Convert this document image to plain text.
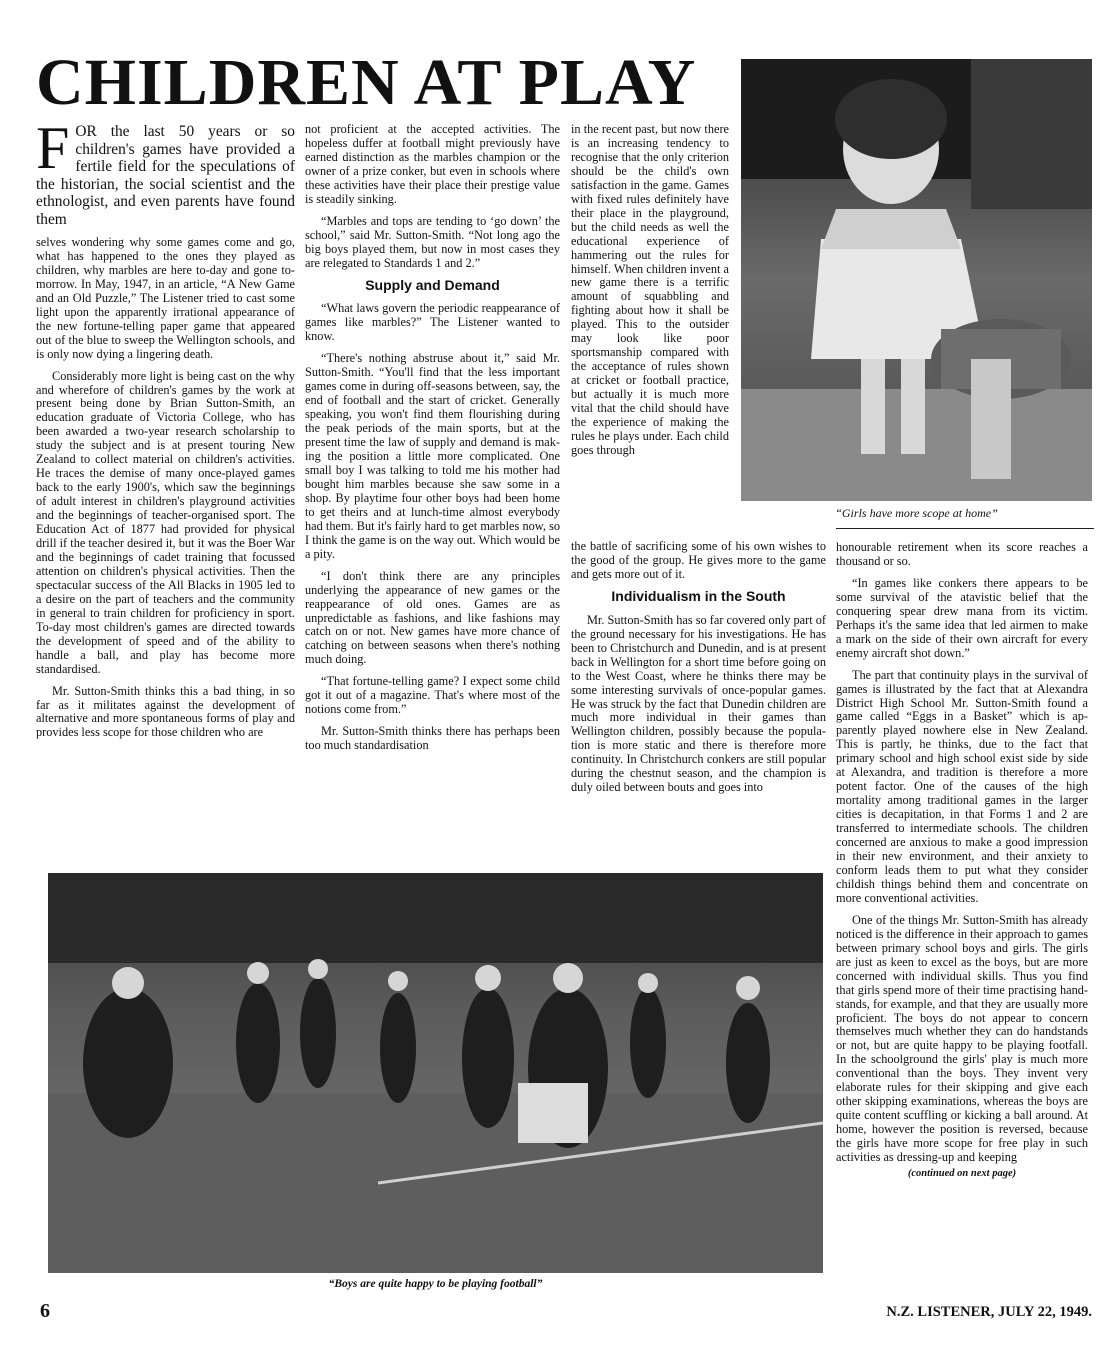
CHILDREN AT PLAY
“Girls have more scope at home”

FOR the last 50 years or so children's games have provided a fertile field for the speculations of the historian, the social scientist and the ethnologist, and even parents have found them

selves wondering why some games come and go, what has happened to the ones they played as children, why marbles are here to-day and gone to-morrow. In May, 1947, in an article, “A New Game and an Old Puzzle,” The Listener tried to cast some light upon the apparently irrational appearance of the new fortune-telling paper game that appeared out of the blue to sweep the Wellington schools, and is only now dying a lingering death.

Considerably more light is being cast on the why and wherefore of children's games by the work at present being done by Brian Sutton-Smith, an education graduate of Victoria College, who has been awarded a two-year research scholarship to study the subject and is at present touring New Zealand to collect material on children's activities. He traces the demise of many once-played games back to the early 1900's, which saw the beginnings of adult interest in children's playground activities and the beginnings of teacher-organised sport. The Education Act of 1877 had provided for physical drill if the teacher desired it, but it was the Boer War and the beginnings of cadet training that focussed attention on children's physical activities. Then the spectacular success of the All Blacks in 1905 led to a desire on the part of teachers and the community in general to train children for proficiency in sport. To-day most children's games are directed towards the development of speed and of the ability to handle a ball, and play has become more standardised.

Mr. Sutton-Smith thinks this a bad thing, in so far as it militates against the development of alternative and more spontaneous forms of play and provides less scope for those children who are

not proficient at the accepted activities. The hopeless duffer at football might previously have earned distinction as the marbles champion or the owner of a prize conker, but even in schools where these activities have their place their prestige value is steadily sinking.

“Marbles and tops are tending to ‘go down’ the school,” said Mr. Sutton-Smith. “Not long ago the big boys played them, but now in most cases they are relegated to Standards 1 and 2.”

Supply and Demand

“What laws govern the periodic reappearance of games like marbles?” The Listener wanted to know.

“There's nothing abstruse about it,” said Mr. Sutton-Smith. “You'll find that the less important games come in during off-seasons between, say, the end of football and the start of cricket. Generally speaking, you won't find them flourishing during the peak periods of the main sports, but at the present time the law of supply and demand is making the position a little more complicated. One small boy I was talking to told me his mother had bought him marbles because she saw some in a shop. By playtime four other boys had been home to get theirs and at lunch-time almost everybody had them. But it's fairly hard to get marbles now, so I think the game is on the way out. Which would be a pity.

“I don't think there are any principles underlying the appearance of new games or the reappearance of old ones. Games are as unpredictable as fashions, and like fashions may catch on or not. New games have more chance of catching on between seasons when there's nothing much doing.

“That fortune-telling game? I expect some child got it out of a magazine. That's where most of the notions come from.”

Mr. Sutton-Smith thinks there has perhaps been too much standardisation

in the recent past, but now there is an increasing tendency to recognise that the only criterion should be the child's own satisfaction in the game. Games with fixed rules definitely have their place in the playground, but the child needs as well the educational experience of hammering out the rules for himself. When children invent a new game there is a terrific amount of squabbling and fighting about how it shall be played. This to the outsider may look like poor sportsmanship compared with the acceptance of rules shown at cricket or football practice, but actually it is much more vital that the child should have the experience of making the rules he plays under. Each child goes through

the battle of sacrificing some of his own wishes to the good of the group. He gives more to the game and gets more out of it.

Individualism in the South

Mr. Sutton-Smith has so far covered only part of the ground necessary for his investigations. He has been to Christchurch and Dunedin, and is at present back in Wellington for a short time before going on to the West Coast, where he thinks there may be some interesting survivals of once-popular games. He was struck by the fact that Dunedin children are much more individual in their games than Wellington children, possibly because the population is more static and there is therefore more continuity. In Christchurch conkers are still popular during the chestnut season, and the champion is duly oiled between bouts and goes into

honourable retirement when its score reaches a thousand or so.

“In games like conkers there appears to be some survival of the atavistic belief that the conquering spear drew mana from its victim. Perhaps it's the same idea that led airmen to make a mark on the side of their own aircraft for every enemy aircraft shot down.”

The part that continuity plays in the survival of games is illustrated by the fact that at Alexandra District High School Mr. Sutton-Smith found a game called “Eggs in a Basket” which is apparently played nowhere else in New Zealand. This is partly, he thinks, due to the fact that primary school and high school exist side by side at Alexandra, and tradition is therefore a more potent factor. One of the causes of the high mortality among traditional games in the larger cities is decapitation, in that Forms 1 and 2 are transferred to intermediate schools. The children concerned are anxious to make a good impression in their new environment, and their anxiety to conform leads them to put what they consider childish things behind them and concentrate on more conventional activities.

One of the things Mr. Sutton-Smith has already noticed is the difference in their approach to games between primary school boys and girls. The girls are just as keen to excel as the boys, but are more concerned with individual skills. Thus you find that girls spend more of their time practising handstands, for example, and that they are usually more proficient. The boys do not appear to concern themselves much whether they can do handstands or not, but are quite happy to be playing footfall. In the schoolground the girls' play is much more conventional than the boys. They invent very elaborate rules for their skipping and give each other skipping examinations, whereas the boys are quite content scuffling or kicking a ball around. At home, however the position is reversed, because the girls have more scope for free play in such activities as dressing-up and keeping

(continued on next page)
“Boys are quite happy to be playing football”
6	N.Z. LISTENER, JULY 22, 1949.
